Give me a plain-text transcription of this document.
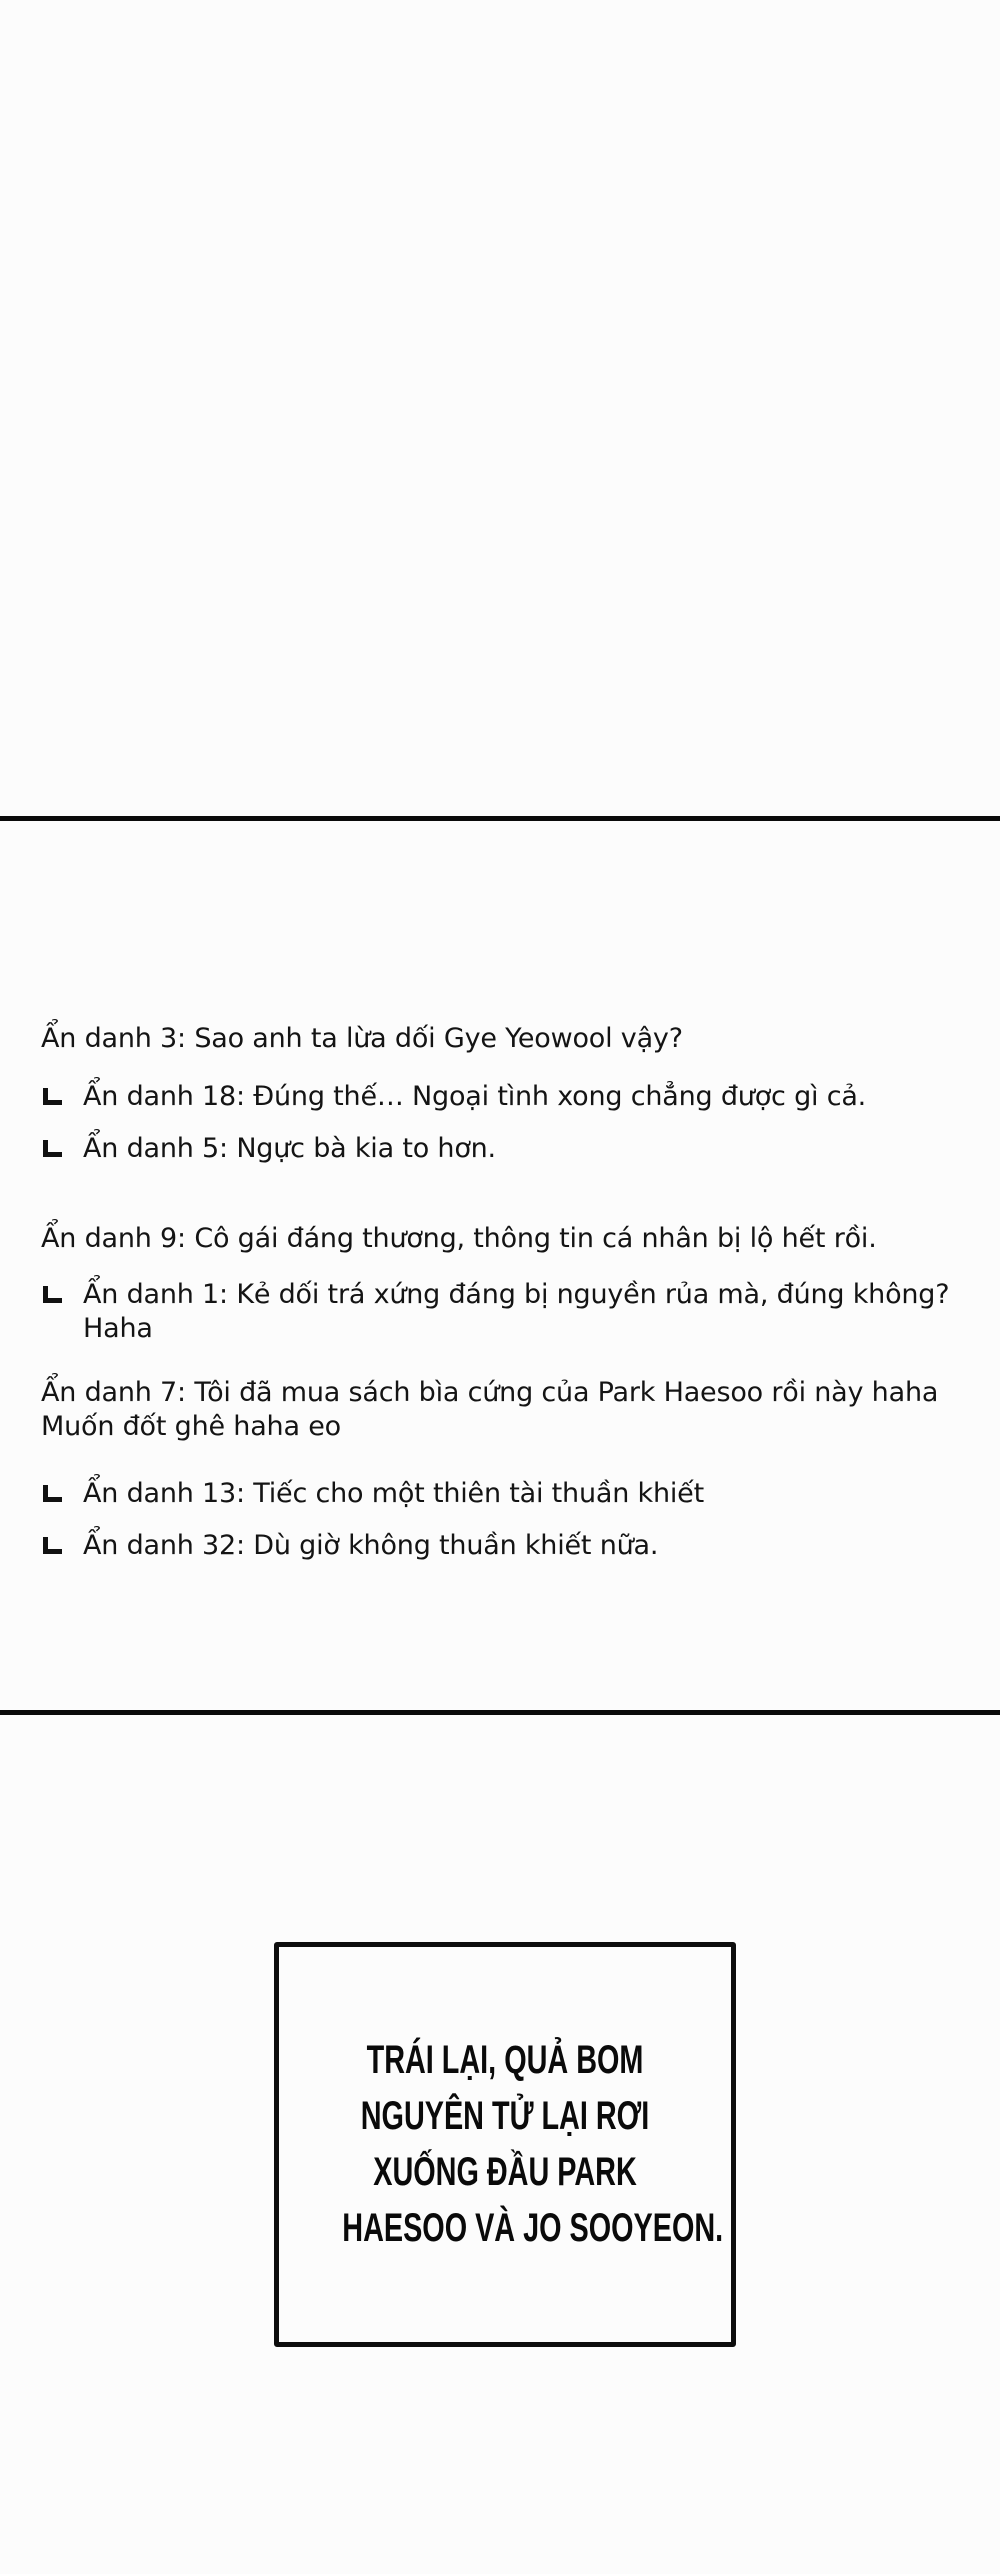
Ẩn danh 3: Sao anh ta lừa dối Gye Yeowool vậy?
Ẩn danh 18: Đúng thế… Ngoại tình xong chẳng được gì cả.
Ẩn danh 5: Ngực bà kia to hơn.
Ẩn danh 9: Cô gái đáng thương, thông tin cá nhân bị lộ hết rồi.
Ẩn danh 1: Kẻ dối trá xứng đáng bị nguyền rủa mà, đúng không?
Haha
Ẩn danh 7: Tôi đã mua sách bìa cứng của Park Haesoo rồi này haha
Muốn đốt ghê haha eo
Ẩn danh 13: Tiếc cho một thiên tài thuần khiết
Ẩn danh 32: Dù giờ không thuần khiết nữa.
TRÁI LẠI, QUẢ BOM
NGUYÊN TỬ LẠI RƠI
XUỐNG ĐẦU PARK
HAESOO VÀ JO SOOYEON.
